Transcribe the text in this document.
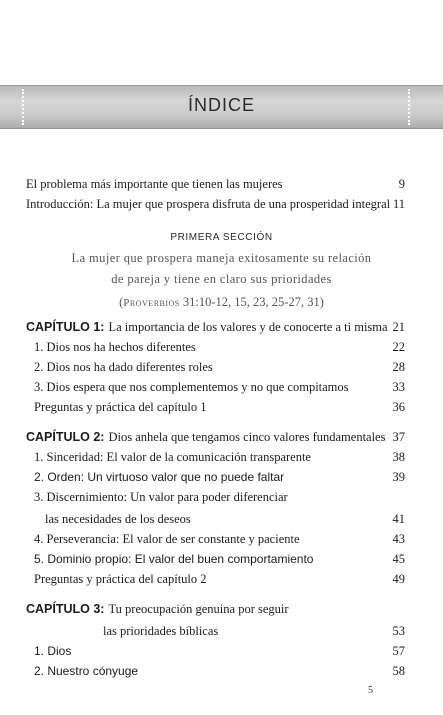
ÍNDICE
El problema más importante que tienen las mujeres	9
Introducción: La mujer que prospera disfruta de una prosperidad integral 11
PRIMERA SECCIÓN
La mujer que prospera maneja exitosamente su relación
de pareja y tiene en claro sus prioridades
(Proverbios 31:10-12, 15, 23, 25-27, 31)
CAPÍTULO 1: La importancia de los valores y de conocerte a ti misma 21
1. Dios nos ha hechos diferentes	22
2. Dios nos ha dado diferentes roles	28
3. Dios espera que nos complementemos y no que compitamos	33
Preguntas y práctica del capítulo 1	36
CAPÍTULO 2: Dios anhela que tengamos cinco valores fundamentales 37
1. Sinceridad: El valor de la comunicación transparente	38
2. Orden: Un virtuoso valor que no puede faltar	39
3. Discernimiento: Un valor para poder diferenciar
las necesidades de los deseos	41
4. Perseverancia: El valor de ser constante y paciente	43
5. Dominio propio: El valor del buen comportamiento	45
Preguntas y práctica del capítulo 2	49
CAPÍTULO 3: Tu preocupación genuina por seguir
las prioridades bíblicas	53
1. Dios	57
2. Nuestro cónyuge	58
5
